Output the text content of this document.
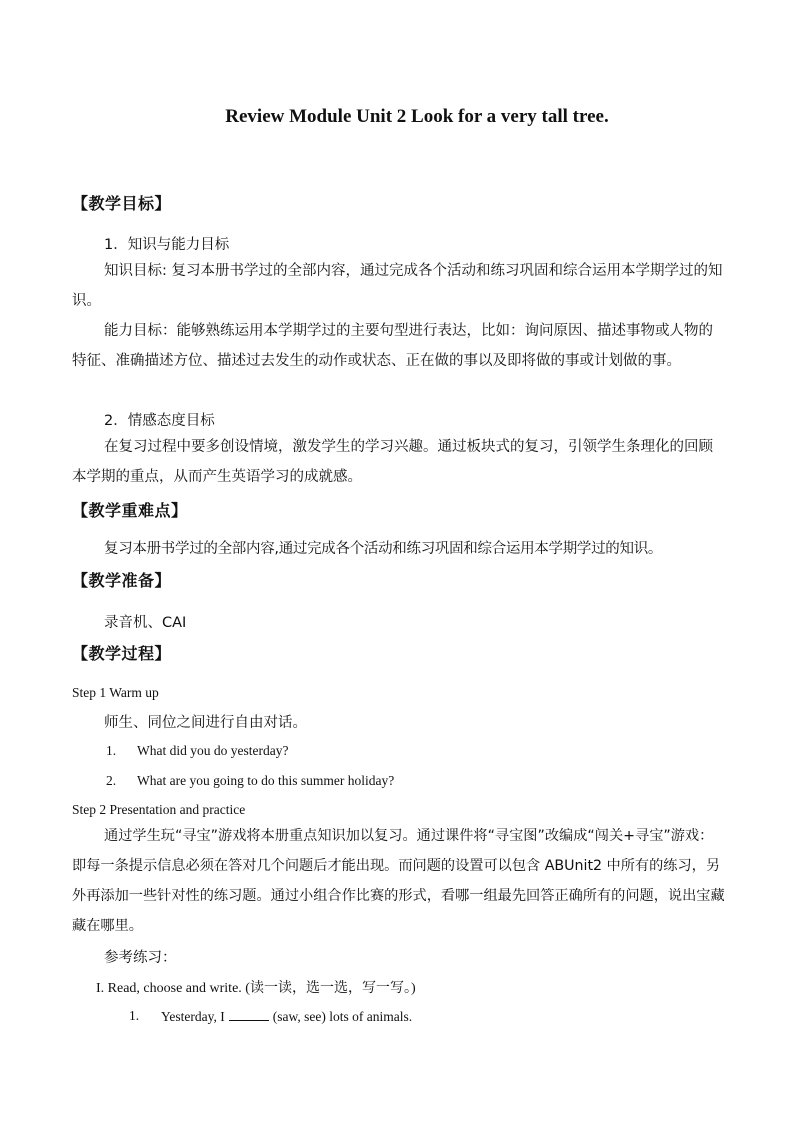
Review Module Unit 2 Look for a very tall tree.
【教学目标】
1．知识与能力目标
知识目标: 复习本册书学过的全部内容，通过完成各个活动和练习巩固和综合运用本学期学过的知识。
能力目标：能够熟练运用本学期学过的主要句型进行表达，比如：询问原因、描述事物或人物的特征、准确描述方位、描述过去发生的动作或状态、正在做的事以及即将做的事或计划做的事。
2．情感态度目标
在复习过程中要多创设情境，激发学生的学习兴趣。通过板块式的复习，引领学生条理化的回顾本学期的重点，从而产生英语学习的成就感。
【教学重难点】
复习本册书学过的全部内容,通过完成各个活动和练习巩固和综合运用本学期学过的知识。
【教学准备】
录音机、CAI
【教学过程】
Step 1 Warm up
师生、同位之间进行自由对话。
1. What did you do yesterday?
2. What are you going to do this summer holiday?
Step 2 Presentation and practice
通过学生玩“寻宝”游戏将本册重点知识加以复习。通过课件将“寻宝图”改编成“闯关+寻宝”游戏：即每一条提示信息必须在答对几个问题后才能出现。而问题的设置可以包含 ABUnit2 中所有的练习，另外再添加一些针对性的练习题。通过小组合作比赛的形式，看哪一组最先回答正确所有的问题，说出宝藏藏在哪里。
参考练习：
I. Read, choose and write. (读一读，选一选，写一写。)
1. Yesterday, I	(saw, see) lots of animals.
